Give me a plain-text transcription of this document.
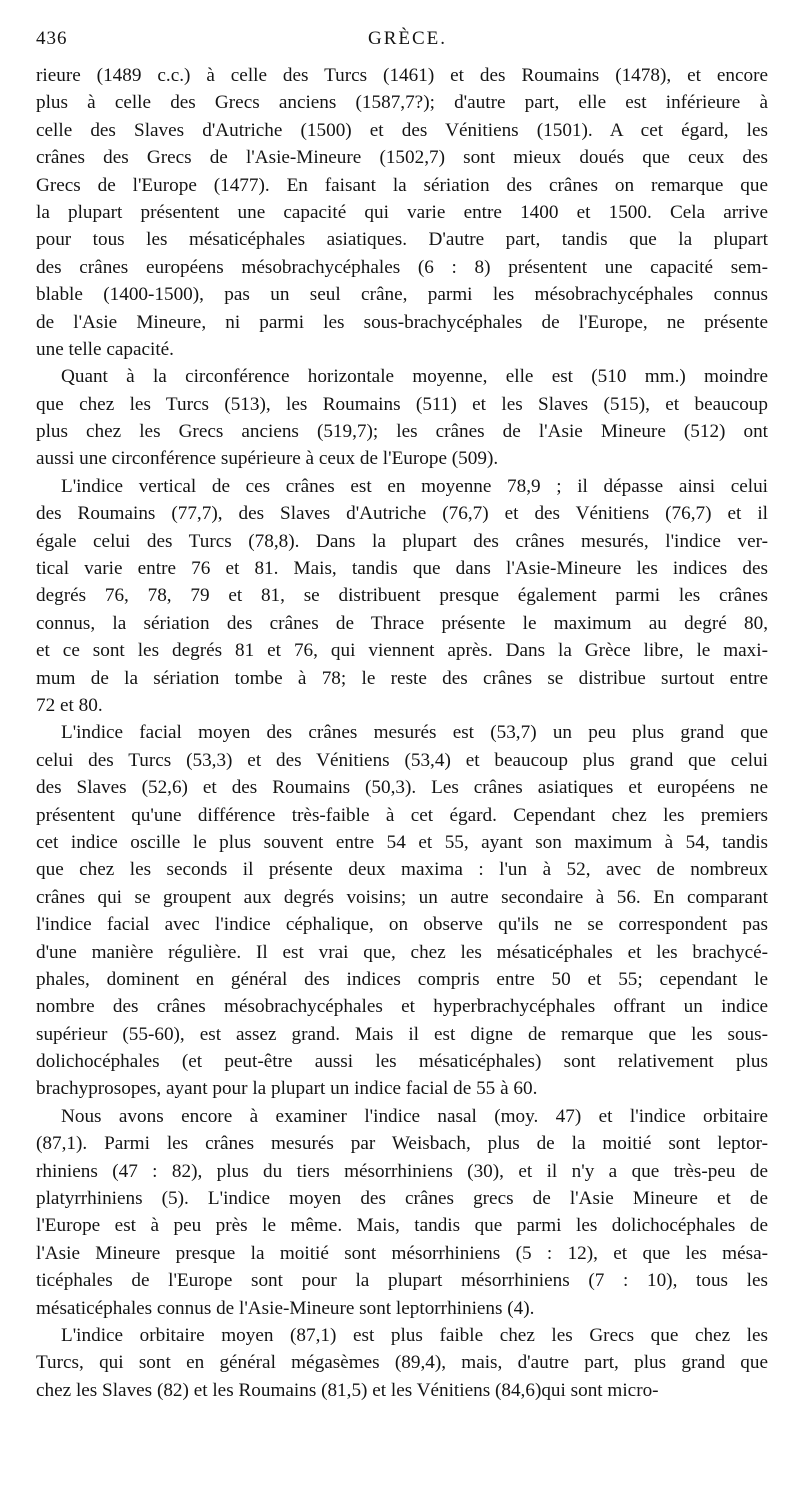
436	GRÈCE.
rieure (1489 c.c.) à celle des Turcs (1461) et des Roumains (1478), et encore
plus à celle des Grecs anciens (1587,7?); d'autre part, elle est inférieure à
celle des Slaves d'Autriche (1500) et des Vénitiens (1501). A cet égard, les
crânes des Grecs de l'Asie-Mineure (1502,7) sont mieux doués que ceux des
Grecs de l'Europe (1477). En faisant la sériation des crânes on remarque que
la plupart présentent une capacité qui varie entre 1400 et 1500. Cela arrive
pour tous les mésaticéphales asiatiques. D'autre part, tandis que la plupart
des crânes européens mésobrachycéphales (6 : 8) présentent une capacité sem-
blable (1400-1500), pas un seul crâne, parmi les mésobrachycéphales connus
de l'Asie Mineure, ni parmi les sous-brachycéphales de l'Europe, ne présente
une telle capacité.
Quant à la circonférence horizontale moyenne, elle est (510 mm.) moindre
que chez les Turcs (513), les Roumains (511) et les Slaves (515), et beaucoup
plus chez les Grecs anciens (519,7); les crânes de l'Asie Mineure (512) ont
aussi une circonférence supérieure à ceux de l'Europe (509).
L'indice vertical de ces crânes est en moyenne 78,9 ; il dépasse ainsi celui
des Roumains (77,7), des Slaves d'Autriche (76,7) et des Vénitiens (76,7) et il
égale celui des Turcs (78,8). Dans la plupart des crânes mesurés, l'indice ver-
tical varie entre 76 et 81. Mais, tandis que dans l'Asie-Mineure les indices des
degrés 76, 78, 79 et 81, se distribuent presque également parmi les crânes
connus, la sériation des crânes de Thrace présente le maximum au degré 80,
et ce sont les degrés 81 et 76, qui viennent après. Dans la Grèce libre, le maxi-
mum de la sériation tombe à 78; le reste des crânes se distribue surtout entre
72 et 80.
L'indice facial moyen des crânes mesurés est (53,7) un peu plus grand que
celui des Turcs (53,3) et des Vénitiens (53,4) et beaucoup plus grand que celui
des Slaves (52,6) et des Roumains (50,3). Les crânes asiatiques et européens ne
présentent qu'une différence très-faible à cet égard. Cependant chez les premiers
cet indice oscille le plus souvent entre 54 et 55, ayant son maximum à 54, tandis
que chez les seconds il présente deux maxima : l'un à 52, avec de nombreux
crânes qui se groupent aux degrés voisins; un autre secondaire à 56. En comparant
l'indice facial avec l'indice céphalique, on observe qu'ils ne se correspondent pas
d'une manière régulière. Il est vrai que, chez les mésaticéphales et les brachycé-
phales, dominent en général des indices compris entre 50 et 55; cependant le
nombre des crânes mésobrachycéphales et hyperbrachycéphales offrant un indice
supérieur (55-60), est assez grand. Mais il est digne de remarque que les sous-
dolichocéphales (et peut-être aussi les mésaticéphales) sont relativement plus
brachyprosopes, ayant pour la plupart un indice facial de 55 à 60.
Nous avons encore à examiner l'indice nasal (moy. 47) et l'indice orbitaire
(87,1). Parmi les crânes mesurés par Weisbach, plus de la moitié sont leptor-
rhiniens (47 : 82), plus du tiers mésorrhiniens (30), et il n'y a que très-peu de
platyrrhiniens (5). L'indice moyen des crânes grecs de l'Asie Mineure et de
l'Europe est à peu près le même. Mais, tandis que parmi les dolichocéphales de
l'Asie Mineure presque la moitié sont mésorrhiniens (5 : 12), et que les mésa-
ticéphales de l'Europe sont pour la plupart mésorrhiniens (7 : 10), tous les
mésaticéphales connus de l'Asie-Mineure sont leptorrhiniens (4).
L'indice orbitaire moyen (87,1) est plus faible chez les Grecs que chez les
Turcs, qui sont en général mégasèmes (89,4), mais, d'autre part, plus grand que
chez les Slaves (82) et les Roumains (81,5) et les Vénitiens (84,6)qui sont micro-
